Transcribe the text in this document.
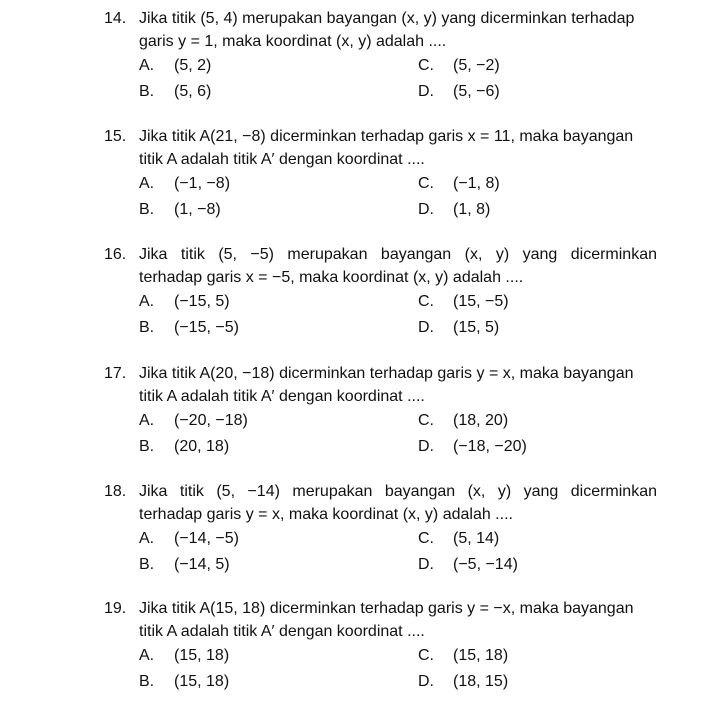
14. Jika titik (5, 4) merupakan bayangan (x, y) yang dicerminkan terhadap
garis y = 1, maka koordinat (x, y) adalah ....
A. (5, 2)
B. (5, 6)
C. (5, −2)
D. (5, −6)
15. Jika titik A(21, −8) dicerminkan terhadap garis x = 11, maka bayangan
titik A adalah titik A′ dengan koordinat ....
A. (−1, −8)
B. (1, −8)
C. (−1, 8)
D. (1, 8)
16. Jika titik (5, −5) merupakan bayangan (x, y) yang dicerminkan
terhadap garis x = −5, maka koordinat (x, y) adalah ....
A. (−15, 5)
B. (−15, −5)
C. (15, −5)
D. (15, 5)
17. Jika titik A(20, −18) dicerminkan terhadap garis y = x, maka bayangan
titik A adalah titik A′ dengan koordinat ....
A. (−20, −18)
B. (20, 18)
C. (18, 20)
D. (−18, −20)
18. Jika titik (5, −14) merupakan bayangan (x, y) yang dicerminkan
terhadap garis y = x, maka koordinat (x, y) adalah ....
A. (−14, −5)
B. (−14, 5)
C. (5, 14)
D. (−5, −14)
19. Jika titik A(15, 18) dicerminkan terhadap garis y = −x, maka bayangan
titik A adalah titik A′ dengan koordinat ....
A. (15, 18)
B. (15, 18)
C. (15, 18)
D. (18, 15)
